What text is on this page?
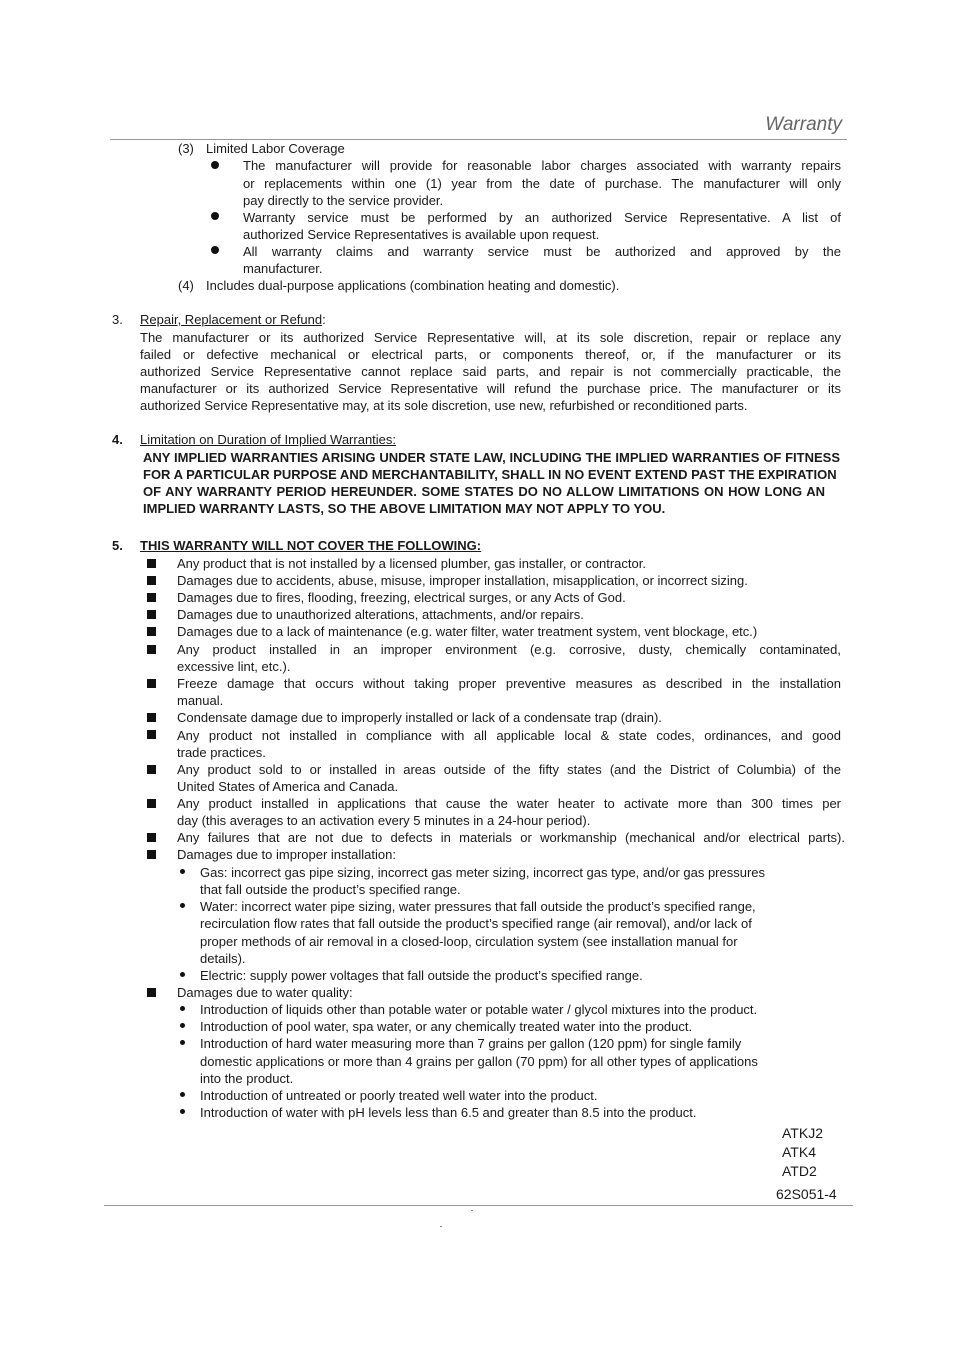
Warranty
(3) Limited Labor Coverage
The manufacturer will provide for reasonable labor charges associated with warranty repairs
or replacements within one (1) year from the date of purchase. The manufacturer will only
pay directly to the service provider.
Warranty service must be performed by an authorized Service Representative. A list of
authorized Service Representatives is available upon request.
All warranty claims and warranty service must be authorized and approved by the
manufacturer.
(4) Includes dual-purpose applications (combination heating and domestic).
3. Repair, Replacement or Refund:
The manufacturer or its authorized Service Representative will, at its sole discretion, repair or replace any
failed or defective mechanical or electrical parts, or components thereof, or, if the manufacturer or its
authorized Service Representative cannot replace said parts, and repair is not commercially practicable, the
manufacturer or its authorized Service Representative will refund the purchase price. The manufacturer or its
authorized Service Representative may, at its sole discretion, use new, refurbished or reconditioned parts.
4. Limitation on Duration of Implied Warranties:
ANY IMPLIED WARRANTIES ARISING UNDER STATE LAW, INCLUDING THE IMPLIED WARRANTIES OF FITNESS
FOR A PARTICULAR PURPOSE AND MERCHANTABILITY, SHALL IN NO EVENT EXTEND PAST THE EXPIRATION
OF ANY WARRANTY PERIOD HEREUNDER. SOME STATES DO NO ALLOW LIMITATIONS ON HOW LONG AN
IMPLIED WARRANTY LASTS, SO THE ABOVE LIMITATION MAY NOT APPLY TO YOU.
5. THIS WARRANTY WILL NOT COVER THE FOLLOWING:
Any product that is not installed by a licensed plumber, gas installer, or contractor.
Damages due to accidents, abuse, misuse, improper installation, misapplication, or incorrect sizing.
Damages due to fires, flooding, freezing, electrical surges, or any Acts of God.
Damages due to unauthorized alterations, attachments, and/or repairs.
Damages due to a lack of maintenance (e.g. water filter, water treatment system, vent blockage, etc.)
Any product installed in an improper environment (e.g. corrosive, dusty, chemically contaminated,
excessive lint, etc.).
Freeze damage that occurs without taking proper preventive measures as described in the installation
manual.
Condensate damage due to improperly installed or lack of a condensate trap (drain).
Any product not installed in compliance with all applicable local & state codes, ordinances, and good
trade practices.
Any product sold to or installed in areas outside of the fifty states (and the District of Columbia) of the
United States of America and Canada.
Any product installed in applications that cause the water heater to activate more than 300 times per
day (this averages to an activation every 5 minutes in a 24-hour period).
Any failures that are not due to defects in materials or workmanship (mechanical and/or electrical parts).
Damages due to improper installation:
Gas: incorrect gas pipe sizing, incorrect gas meter sizing, incorrect gas type, and/or gas pressures
that fall outside the product’s specified range.
Water: incorrect water pipe sizing, water pressures that fall outside the product’s specified range,
recirculation flow rates that fall outside the product’s specified range (air removal), and/or lack of
proper methods of air removal in a closed-loop, circulation system (see installation manual for
details).
Electric: supply power voltages that fall outside the product’s specified range.
Damages due to water quality:
Introduction of liquids other than potable water or potable water / glycol mixtures into the product.
Introduction of pool water, spa water, or any chemically treated water into the product.
Introduction of hard water measuring more than 7 grains per gallon (120 ppm) for single family
domestic applications or more than 4 grains per gallon (70 ppm) for all other types of applications
into the product.
Introduction of untreated or poorly treated well water into the product.
Introduction of water with pH levels less than 6.5 and greater than 8.5 into the product.
ATKJ2
ATK4
ATD2
62S051-4
